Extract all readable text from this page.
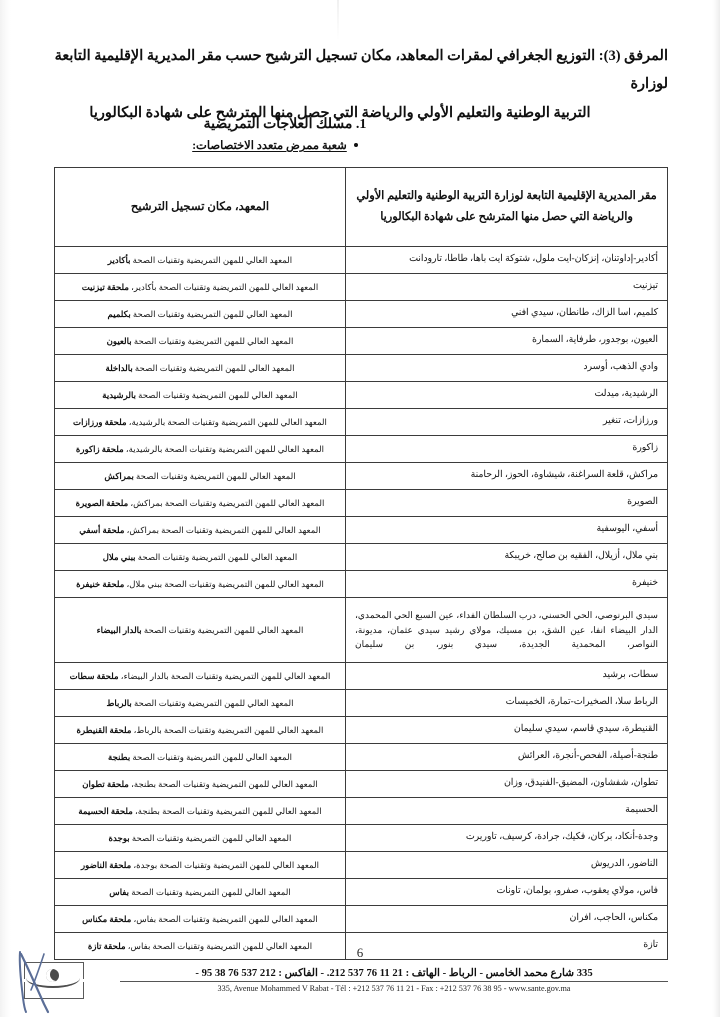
المرفق (3): التوزيع الجغرافي لمقرات المعاهد، مكان تسجيل الترشيح حسب مقر المديرية الإقليمية التابعة لوزارة
التربية الوطنية والتعليم الأولي والرياضة التي حصل منها المترشح على شهادة البكالوريا
1. مسلك العلاجات التمريضية
شعبة ممرض متعدد الاختصاصات:
مقر المديرية الإقليمية التابعة لوزارة التربية الوطنية والتعليم الأولي والرياضة التي حصل منها المترشح على شهادة البكالوريا	المعهد، مكان تسجيل الترشيح
أكادير-إداوتنان، إنزكان-ايت ملول، شتوكة ايت باها، طاطا، تارودانت	المعهد العالي للمهن التمريضية وتقنيات الصحة بأكادير
تيزنيت	المعهد العالي للمهن التمريضية وتقنيات الصحة بأكادير، ملحقة تيزنيت
كلميم، اسا الزاك، طانطان، سيدي افني	المعهد العالي للمهن التمريضية وتقنيات الصحة بكلميم
العيون، بوجدور، طرفاية، السمارة	المعهد العالي للمهن التمريضية وتقنيات الصحة بالعيون
وادي الذهب، أوسرد	المعهد العالي للمهن التمريضية وتقنيات الصحة بالداخلة
الرشيدية، ميدلت	المعهد العالي للمهن التمريضية وتقنيات الصحة بالرشيدية
ورزازات، تنغير	المعهد العالي للمهن التمريضية وتقنيات الصحة بالرشيدية، ملحقة ورزازات
زاكورة	المعهد العالي للمهن التمريضية وتقنيات الصحة بالرشيدية، ملحقة زاكورة
مراكش، قلعة السراغنة، شيشاوة، الحوز، الرحامنة	المعهد العالي للمهن التمريضية وتقنيات الصحة بمراكش
الصويرة	المعهد العالي للمهن التمريضية وتقنيات الصحة بمراكش، ملحقة الصويرة
أسفي، اليوسفية	المعهد العالي للمهن التمريضية وتقنيات الصحة بمراكش، ملحقة أسفي
بني ملال، أزيلال، الفقيه بن صالح، خريبكة	المعهد العالي للمهن التمريضية وتقنيات الصحة ببني ملال
خنيفرة	المعهد العالي للمهن التمريضية وتقنيات الصحة ببني ملال، ملحقة خنيفرة
سيدي البرنوصي، الحي الحسني، درب السلطان الفداء، عين السبع الحي المحمدي، الدار البيضاء انفا، عين الشق، بن مسيك، مولاي رشيد سيدي عثمان، مديونة، النواصر، المحمدية الجديدة، سيدي بنور، بن سليمان	المعهد العالي للمهن التمريضية وتقنيات الصحة بالدار البيضاء
سطات، برشيد	المعهد العالي للمهن التمريضية وتقنيات الصحة بالدار البيضاء، ملحقة سطات
الرباط سلا، الصخيرات-تمارة، الخميسات	المعهد العالي للمهن التمريضية وتقنيات الصحة بالرباط
القنيطرة، سيدي قاسم، سيدي سليمان	المعهد العالي للمهن التمريضية وتقنيات الصحة بالرباط، ملحقة القنيطرة
طنجة-أصيلة، الفحص-أنجرة، العرائش	المعهد العالي للمهن التمريضية وتقنيات الصحة بطنجة
تطوان، شفشاون، المضيق-الفنيدق، وزان	المعهد العالي للمهن التمريضية وتقنيات الصحة بطنجة، ملحقة تطوان
الحسيمة	المعهد العالي للمهن التمريضية وتقنيات الصحة بطنجة، ملحقة الحسيمة
وجدة-أنكاد، بركان، فكيك، جرادة، كرسيف، تاوريرت	المعهد العالي للمهن التمريضية وتقنيات الصحة بوجدة
الناضور، الدريوش	المعهد العالي للمهن التمريضية وتقنيات الصحة بوجدة، ملحقة الناضور
فاس، مولاي يعقوب، صفرو، بولمان، تاونات	المعهد العالي للمهن التمريضية وتقنيات الصحة بفاس
مكناس، الحاجب، افران	المعهد العالي للمهن التمريضية وتقنيات الصحة بفاس، ملحقة مكناس
تازة	المعهد العالي للمهن التمريضية وتقنيات الصحة بفاس، ملحقة تازة	6
335 شارع محمد الخامس - الرباط - الهاتف : 21 11 76 537 212. - الفاكس : 212 537 76 38 95 -
335, Avenue Mohammed V Rabat - Tél : +212 537 76 11 21 - Fax : +212 537 76 38 95 - www.sante.gov.ma
